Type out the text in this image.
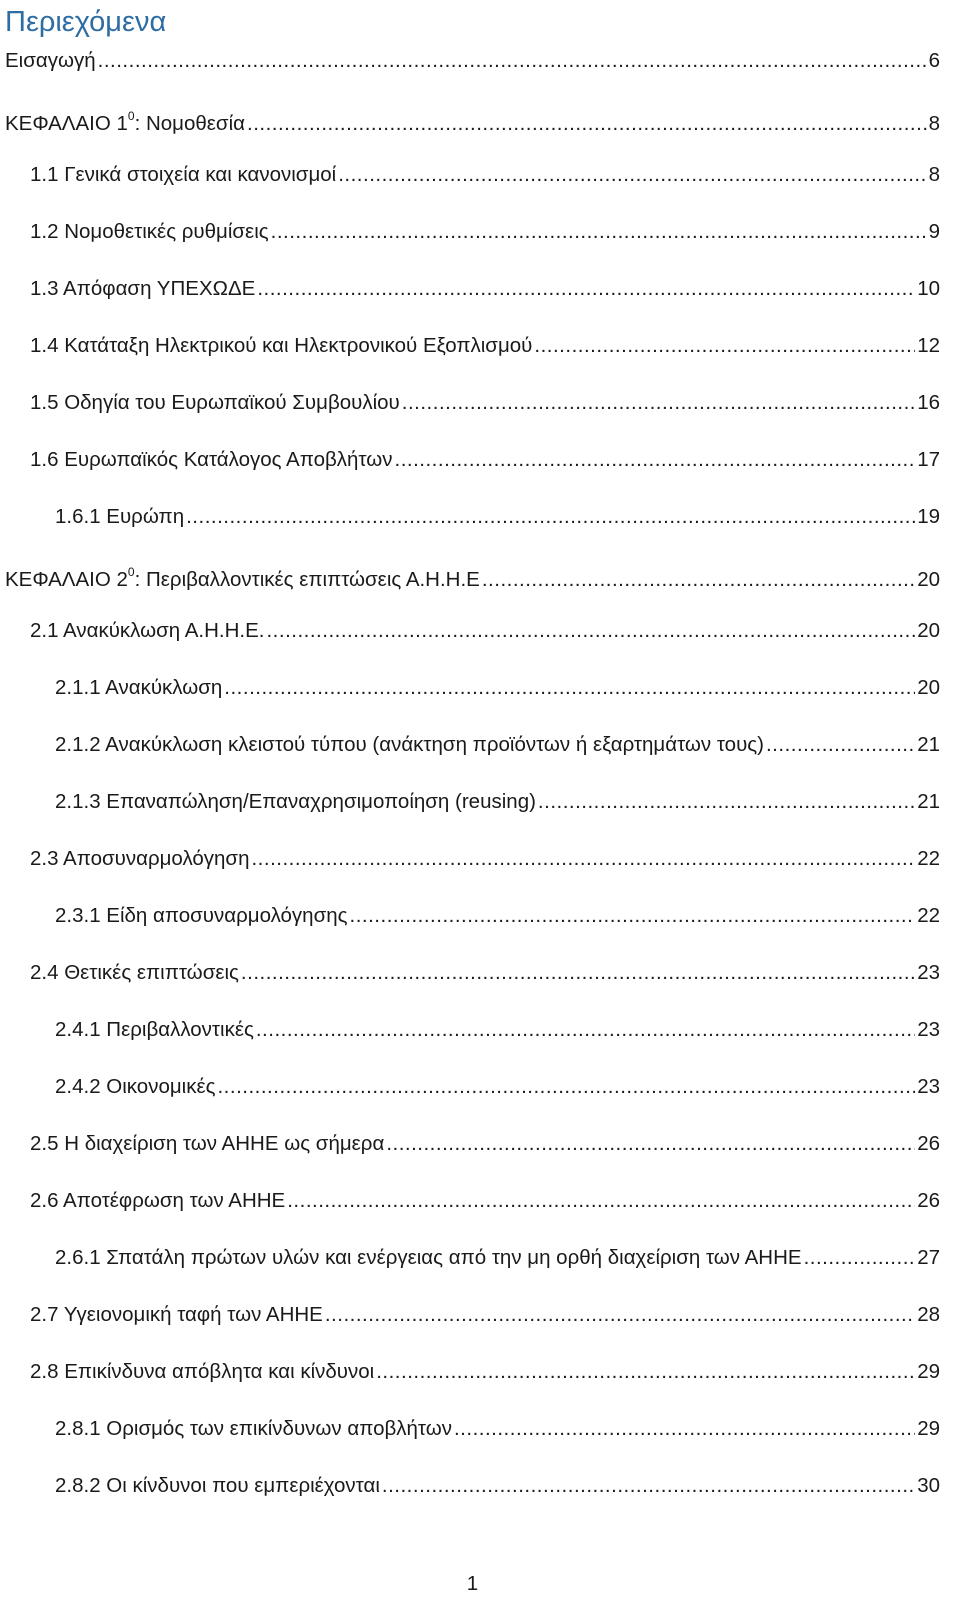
Περιεχόμενα
Εισαγωγή .....	6
ΚΕΦΑΛΑΙΟ $1^0$: Νομοθεσία .....	8
1.1 Γενικά στοιχεία και κανονισμοί .....	8
1.2 Νομοθετικές ρυθμίσεις .....	9
1.3 Απόφαση ΥΠΕΧΩΔΕ .....	10
1.4 Κατάταξη Ηλεκτρικού και Ηλεκτρονικού Εξοπλισμού .....	12
1.5 Οδηγία του Ευρωπαϊκού Συμβουλίου .....	16
1.6 Ευρωπαϊκός Κατάλογος Αποβλήτων .....	17
1.6.1 Ευρώπη .....	19
ΚΕΦΑΛΑΙΟ $2^0$: Περιβαλλοντικές επιπτώσεις Α.Η.Η.Ε .....	20
2.1 Ανακύκλωση Α.Η.Η.Ε. .....	20
2.1.1 Ανακύκλωση .....	20
2.1.2 Ανακύκλωση κλειστού τύπου (ανάκτηση προϊόντων ή εξαρτημάτων τους) .....	21
2.1.3 Επαναπώληση/Επαναχρησιμοποίηση (reusing) .....	21
2.3 Αποσυναρμολόγηση .....	22
2.3.1 Είδη αποσυναρμολόγησης .....	22
2.4 Θετικές επιπτώσεις .....	23
2.4.1 Περιβαλλοντικές .....	23
2.4.2 Οικονομικές .....	23
2.5 Η διαχείριση των ΑΗΗΕ ως σήμερα .....	26
2.6 Αποτέφρωση των ΑΗΗΕ .....	26
2.6.1 Σπατάλη πρώτων υλών και ενέργειας από την μη ορθή διαχείριση των ΑΗΗΕ .....	27
2.7 Υγειονομική ταφή των ΑΗΗΕ .....	28
2.8 Επικίνδυνα απόβλητα και κίνδυνοι .....	29
2.8.1 Ορισμός των επικίνδυνων αποβλήτων .....	29
2.8.2 Οι κίνδυνοι που εμπεριέχονται .....	30
1
